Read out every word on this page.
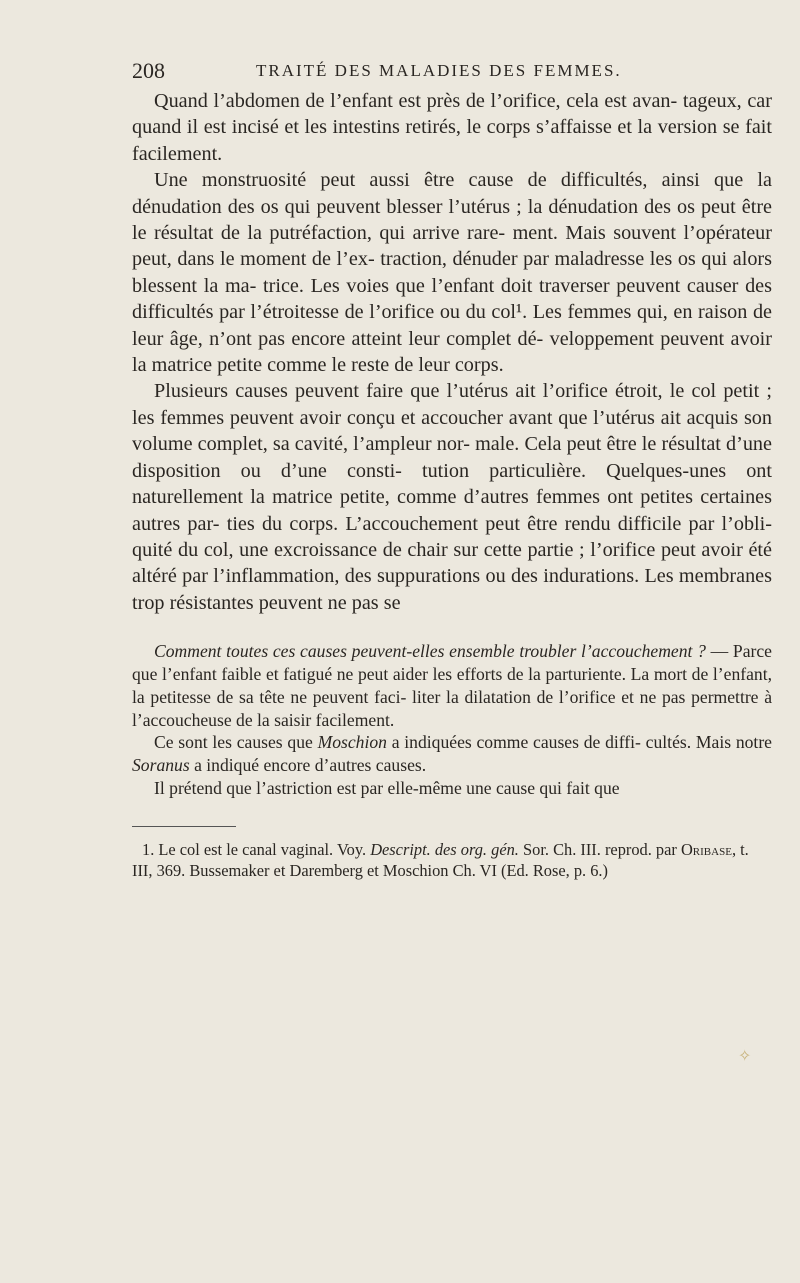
208	TRAITÉ DES MALADIES DES FEMMES.

Quand l’abdomen de l’enfant est près de l’orifice, cela est avan- tageux, car quand il est incisé et les intestins retirés, le corps s’affaisse et la version se fait facilement.

Une monstruosité peut aussi être cause de difficultés, ainsi que la dénudation des os qui peuvent blesser l’utérus ; la dénudation des os peut être le résultat de la putréfaction, qui arrive rare- ment. Mais souvent l’opérateur peut, dans le moment de l’ex- traction, dénuder par maladresse les os qui alors blessent la ma- trice. Les voies que l’enfant doit traverser peuvent causer des difficultés par l’étroitesse de l’orifice ou du col¹. Les femmes qui, en raison de leur âge, n’ont pas encore atteint leur complet dé- veloppement peuvent avoir la matrice petite comme le reste de leur corps.

Plusieurs causes peuvent faire que l’utérus ait l’orifice étroit, le col petit ; les femmes peuvent avoir conçu et accoucher avant que l’utérus ait acquis son volume complet, sa cavité, l’ampleur nor- male. Cela peut être le résultat d’une disposition ou d’une consti- tution particulière. Quelques-unes ont naturellement la matrice petite, comme d’autres femmes ont petites certaines autres par- ties du corps. L’accouchement peut être rendu difficile par l’obli- quité du col, une excroissance de chair sur cette partie ; l’orifice peut avoir été altéré par l’inflammation, des suppurations ou des indurations. Les membranes trop résistantes peuvent ne pas se

Comment toutes ces causes peuvent-elles ensemble troubler l’accouchement ? — Parce que l’enfant faible et fatigué ne peut aider les efforts de la parturiente. La mort de l’enfant, la petitesse de sa tête ne peuvent faci- liter la dilatation de l’orifice et ne pas permettre à l’accoucheuse de la saisir facilement.

Ce sont les causes que Moschion a indiquées comme causes de diffi- cultés. Mais notre Soranus a indiqué encore d’autres causes.

Il prétend que l’astriction est par elle-même une cause qui fait que

1. Le col est le canal vaginal. Voy. Descript. des org. gén. Sor. Ch. III. reprod. par Oribase, t. III, 369. Bussemaker et Daremberg et Moschion Ch. VI (Ed. Rose, p. 6.)

✧
